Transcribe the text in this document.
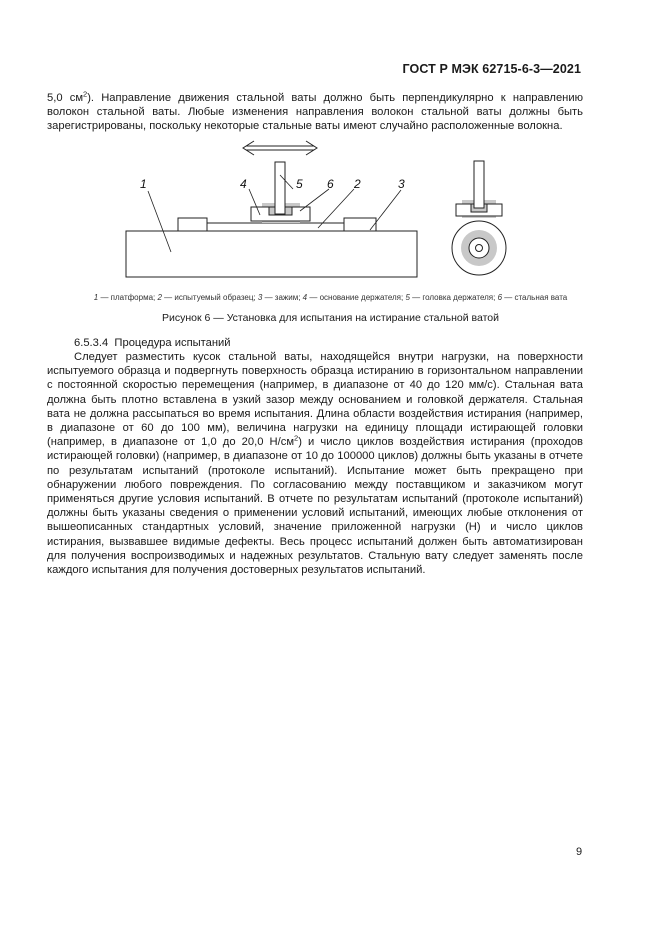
ГОСТ Р МЭК 62715-6-3—2021
5,0 $см^2$). Направление движения стальной ваты должно быть перпендикулярно к направлению волокон стальной ваты. Любые изменения направления волокон стальной ваты должны быть зарегистрированы, поскольку некоторые стальные ваты имеют случайно расположенные волокна.
1	4	5 6 2	3
1 — платформа; 2 — испытуемый образец; 3 — зажим; 4 — основание держателя; 5 — головка держателя; 6 — стальная вата
Рисунок 6 — Установка для испытания на истирание стальной ватой
6.5.3.4  Процедура испытаний
Следует разместить кусок стальной ваты, находящейся внутри нагрузки, на поверхности испытуемого образца и подвергнуть поверхность образца истиранию в горизонтальном направлении с постоянной скоростью перемещения (например, в диапазоне от 40 до 120 мм/с). Стальная вата должна быть плотно вставлена в узкий зазор между основанием и головкой держателя. Стальная вата не должна рассыпаться во время испытания. Длина области воздействия истирания (например, в диапазоне от 60 до 100 мм), величина нагрузки на единицу площади истирающей головки (например, в диапазоне от 1,0 до 20,0 $Н/см^2$) и число циклов воздействия истирания (проходов истирающей головки) (например, в диапазоне от 10 до 100000 циклов) должны быть указаны в отчете по результатам испытаний (протоколе испытаний). Испытание может быть прекращено при обнаружении любого повреждения. По согласованию между поставщиком и заказчиком могут применяться другие условия испытаний. В отчете по результатам испытаний (протоколе испытаний) должны быть указаны сведения о применении условий испытаний, имеющих любые отклонения от вышеописанных стандартных условий, значение приложенной нагрузки (Н) и число циклов истирания, вызвавшее видимые дефекты. Весь процесс испытаний должен быть автоматизирован для получения воспроизводимых и надежных результатов. Стальную вату следует заменять после каждого испытания для получения достоверных результатов испытаний.
9
